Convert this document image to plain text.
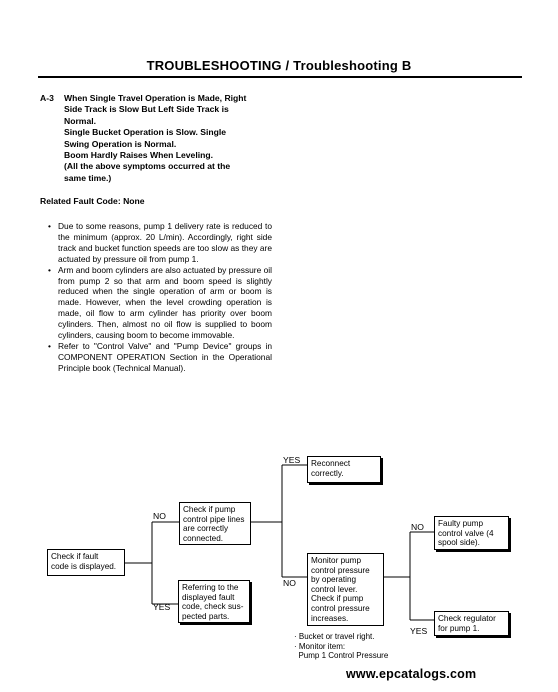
TROUBLESHOOTING / Troubleshooting B
A-3 When Single Travel Operation is Made, Right
Side Track is Slow But Left Side Track is
Normal.
Single Bucket Operation is Slow. Single
Swing Operation is Normal.
Boom Hardly Raises When Leveling.
(All the above symptoms occurred at the
same time.)
Related Fault Code: None
• Due to some reasons, pump 1 delivery rate is reduced to the minimum (approx. 20 L/min). Accordingly, right side track and bucket function speeds are too slow as they are actuated by pressure oil from pump 1.
• Arm and boom cylinders are also actuated by pressure oil from pump 2 so that arm and boom speed is slightly reduced when the single operation of arm or boom is made. However, when the level crowding operation is made, oil flow to arm cylinder has priority over boom cylinders. Then, almost no oil flow is supplied to boom cylinders, causing boom to become immovable.
• Refer to "Control Valve" and "Pump Device" groups in COMPONENT OPERATION Section in the Operational Principle book (Technical Manual).
Check if fault
code is displayed.
Check if pump
control pipe lines
are correctly
connected.
Referring to the
displayed fault
code, check sus-
pected parts.
Reconnect
correctly.
Monitor pump
control pressure
by operating
control lever.
Check if pump
control pressure
increases.
Faulty pump
control valve (4
spool side).
Check regulator
for pump 1.
NO
YES
YES
NO
NO
YES
· Bucket or travel right.
· Monitor item:
Pump 1 Control Pressure
www.epcatalogs.com
